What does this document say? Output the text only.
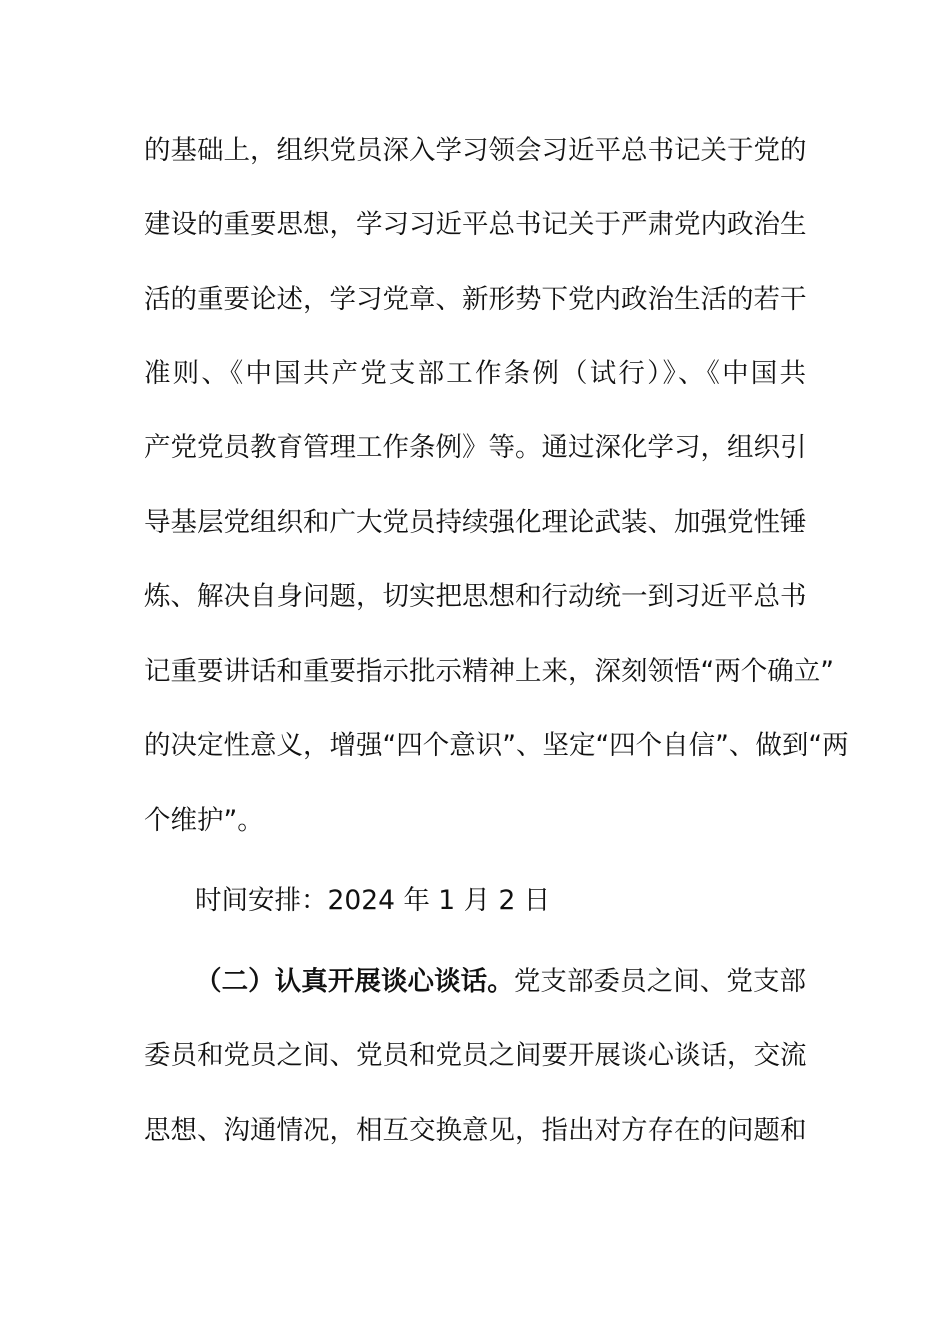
的基础上，组织党员深入学习领会习近平总书记关于党的
建设的重要思想，学习习近平总书记关于严肃党内政治生
活的重要论述，学习党章、新形势下党内政治生活的若干
准则、《中国共产党支部工作条例（试行）》、《中国共
产党党员教育管理工作条例》等。通过深化学习，组织引
导基层党组织和广大党员持续强化理论武装、加强党性锤
炼、解决自身问题，切实把思想和行动统一到习近平总书
记重要讲话和重要指示批示精神上来，深刻领悟“两个确立”
的决定性意义，增强“四个意识”、坚定“四个自信”、做到“两
个维护”。
时间安排：2024 年 1 月 2 日
（二）认真开展谈心谈话。党支部委员之间、党支部
委员和党员之间、党员和党员之间要开展谈心谈话，交流
思想、沟通情况，相互交换意见，指出对方存在的问题和
